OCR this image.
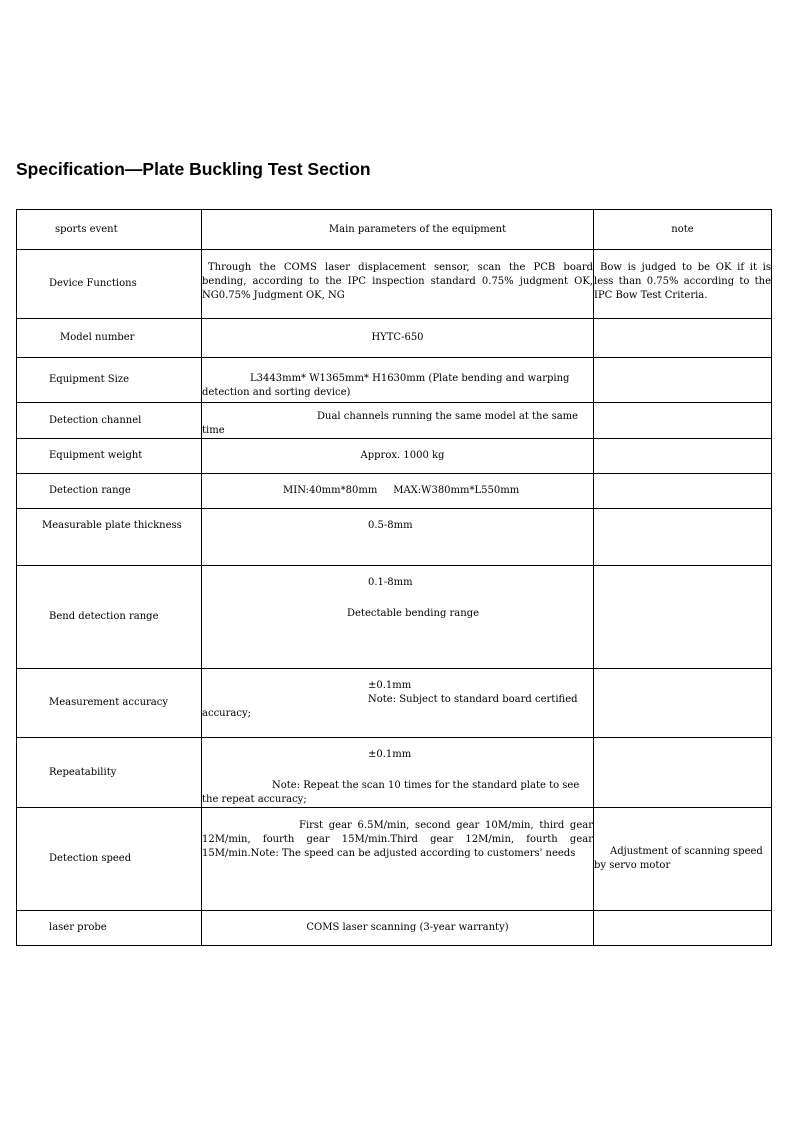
Specification—Plate Buckling Test Section
sports event	Main parameters of the equipment	note
Device Functions	Through the COMS laser displacement sensor, scan the PCB board bending, according to the IPC inspection standard 0.75% judgment OK, NG0.75% Judgment OK, NG	Bow is judged to be OK if it is less than 0.75% according to the IPC Bow Test Criteria.
Model number	HYTC-650	
Equipment Size	L3443mm* W1365mm* H1630mm (Plate bending and warping detection and sorting device)	
Detection channel	Dual channels running the same model at the same time	
Equipment weight	Approx. 1000 kg	
Detection range	MIN:40mm*80mm     MAX:W380mm*L550mm	
Measurable plate thickness	0.5-8mm	
Bend detection range	0.1-8mm
Detectable bending range	

Measurement accuracy	±0.1mm
Note: Subject to standard board certified accuracy;	

Repeatability	±0.1mm
Note: Repeat the scan 10 times for the standard plate to see the repeat accuracy;	

Detection speed	First gear 6.5M/min, second gear 10M/min, third gear 12M/min, fourth gear 15M/min.Third gear 12M/min, fourth gear 15M/min.Note: The speed can be adjusted according to customers' needs	Adjustment of scanning speed by servo motor
laser probe	COMS laser scanning (3-year warranty)	
